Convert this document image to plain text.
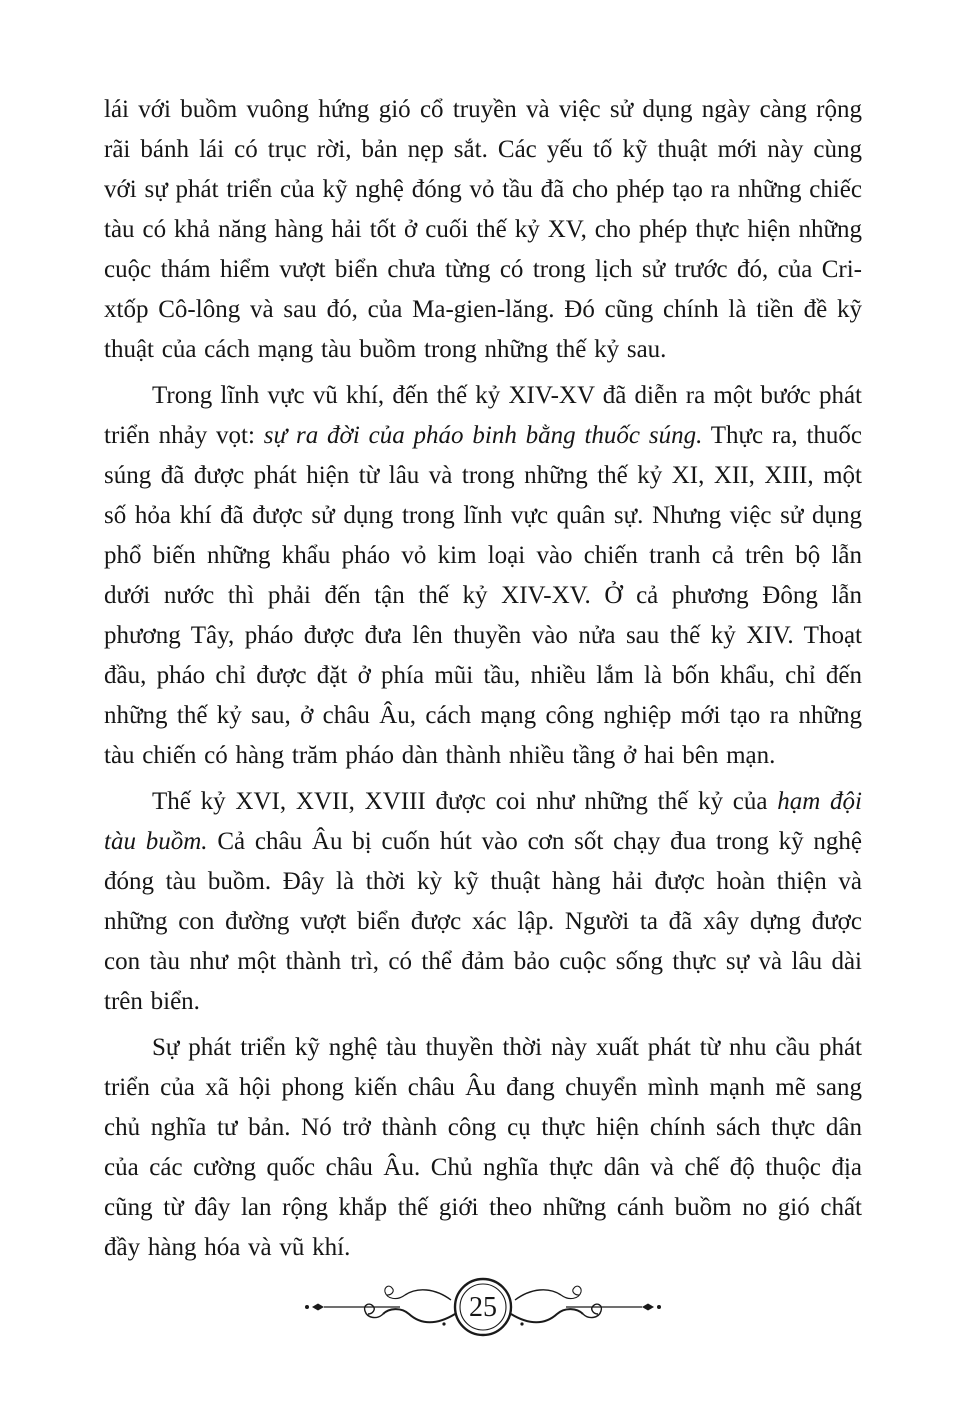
lái với buồm vuông hứng gió cổ truyền và việc sử dụng ngày càng rộng rãi bánh lái có trục rời, bản nẹp sắt. Các yếu tố kỹ thuật mới này cùng với sự phát triển của kỹ nghệ đóng vỏ tầu đã cho phép tạo ra những chiếc tàu có khả năng hàng hải tốt ở cuối thế kỷ XV, cho phép thực hiện những cuộc thám hiểm vượt biển chưa từng có trong lịch sử trước đó, của Cri-xtốp Cô-lông và sau đó, của Ma-gien-lăng. Đó cũng chính là tiền đề kỹ thuật của cách mạng tàu buồm trong những thế kỷ sau.

Trong lĩnh vực vũ khí, đến thế kỷ XIV-XV đã diễn ra một bước phát triển nhảy vọt: sự ra đời của pháo binh bằng thuốc súng. Thực ra, thuốc súng đã được phát hiện từ lâu và trong những thế kỷ XI, XII, XIII, một số hỏa khí đã được sử dụng trong lĩnh vực quân sự. Nhưng việc sử dụng phổ biến những khẩu pháo vỏ kim loại vào chiến tranh cả trên bộ lẫn dưới nước thì phải đến tận thế kỷ XIV-XV. Ở cả phương Đông lẫn phương Tây, pháo được đưa lên thuyền vào nửa sau thế kỷ XIV. Thoạt đầu, pháo chỉ được đặt ở phía mũi tầu, nhiều lắm là bốn khẩu, chỉ đến những thế kỷ sau, ở châu Âu, cách mạng công nghiệp mới tạo ra những tàu chiến có hàng trăm pháo dàn thành nhiều tầng ở hai bên mạn.

Thế kỷ XVI, XVII, XVIII được coi như những thế kỷ của hạm đội tàu buồm. Cả châu Âu bị cuốn hút vào cơn sốt chạy đua trong kỹ nghệ đóng tàu buồm. Đây là thời kỳ kỹ thuật hàng hải được hoàn thiện và những con đường vượt biển được xác lập. Người ta đã xây dựng được con tàu như một thành trì, có thể đảm bảo cuộc sống thực sự và lâu dài trên biển.

Sự phát triển kỹ nghệ tàu thuyền thời này xuất phát từ nhu cầu phát triển của xã hội phong kiến châu Âu đang chuyển mình mạnh mẽ sang chủ nghĩa tư bản. Nó trở thành công cụ thực hiện chính sách thực dân của các cường quốc châu Âu. Chủ nghĩa thực dân và chế độ thuộc địa cũng từ đây lan rộng khắp thế giới theo những cánh buồm no gió chất đầy hàng hóa và vũ khí.

25
